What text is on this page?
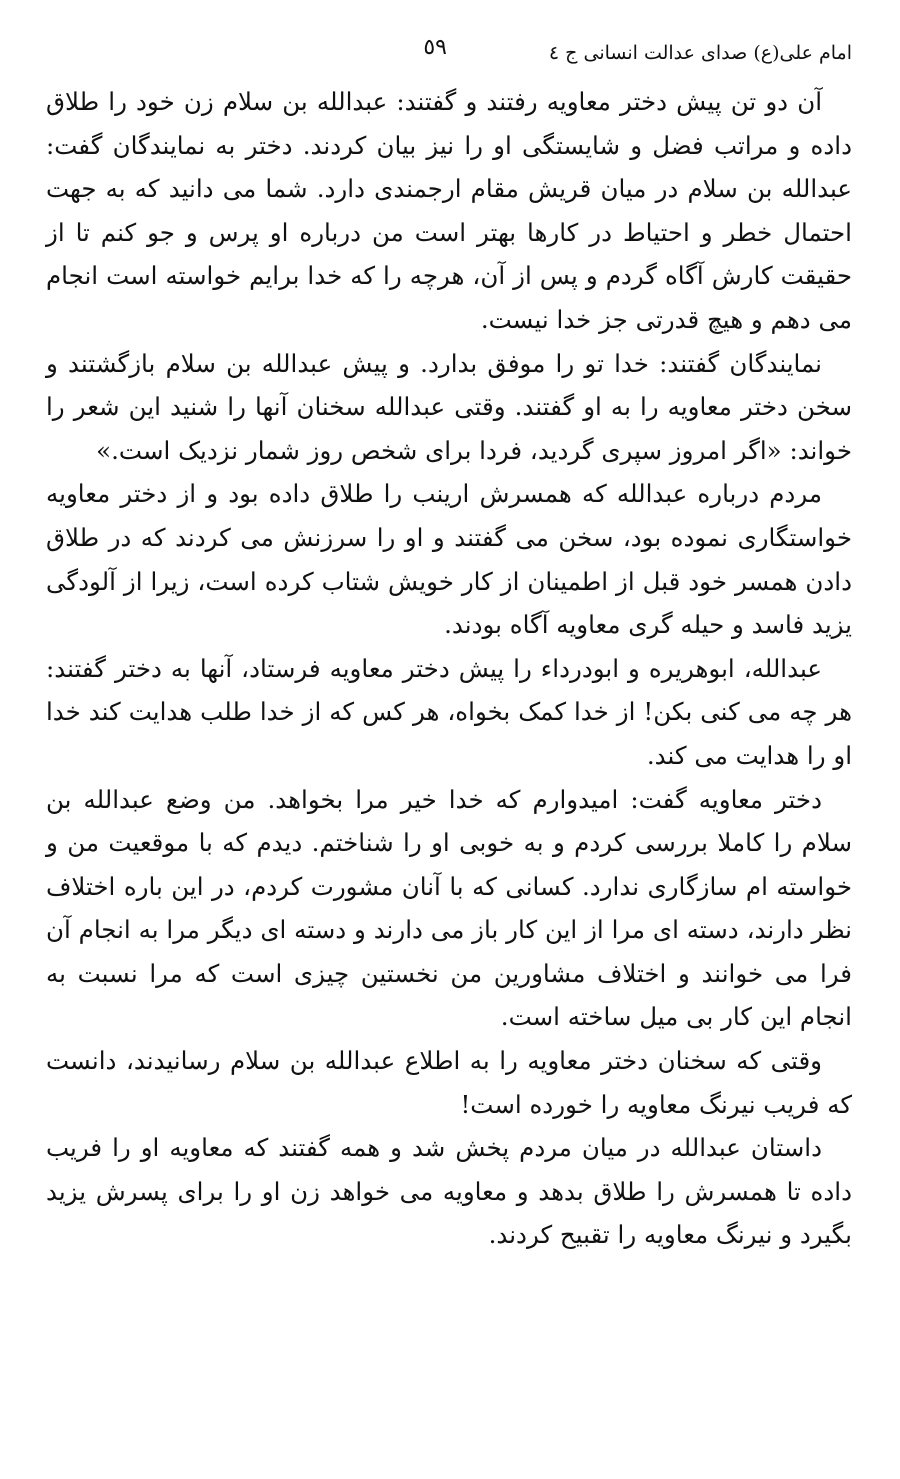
امام علی(ع) صدای عدالت انسانی ج ٤
٥٩

آن دو تن پیش دختر معاویه رفتند و گفتند: عبدالله بن سلام زن خود را طلاق داده و مراتب فضل و شایستگی او را نیز بیان کردند. دختر به نمایندگان گفت: عبدالله بن سلام در میان قریش مقام ارجمندی دارد. شما می دانید که به جهت احتمال خطر و احتیاط در کارها بهتر است من درباره او پرس و جو کنم تا از حقیقت کارش آگاه گردم و پس از آن، هرچه را که خدا برایم خواسته است انجام می دهم و هیچ قدرتی جز خدا نیست.

نمایندگان گفتند: خدا تو را موفق بدارد. و پیش عبدالله بن سلام بازگشتند و سخن دختر معاویه را به او گفتند. وقتی عبدالله سخنان آنها را شنید این شعر را خواند: «اگر امروز سپری گردید، فردا برای شخص روز شمار نزدیک است.»

مردم درباره عبدالله که همسرش ارینب را طلاق داده بود و از دختر معاویه خواستگاری نموده بود، سخن می گفتند و او را سرزنش می کردند که در طلاق دادن همسر خود قبل از اطمینان از کار خویش شتاب کرده است، زیرا از آلودگی یزید فاسد و حیله گری معاویه آگاه بودند.

عبدالله، ابوهریره و ابودرداء را پیش دختر معاویه فرستاد، آنها به دختر گفتند: هر چه می کنی بکن! از خدا کمک بخواه، هر کس که از خدا طلب هدایت کند خدا او را هدایت می کند.

دختر معاویه گفت: امیدوارم که خدا خیر مرا بخواهد. من وضع عبدالله بن سلام را کاملا بررسی کردم و به خوبی او را شناختم. دیدم که با موقعیت من و خواسته ام سازگاری ندارد. کسانی که با آنان مشورت کردم، در این باره اختلاف نظر دارند، دسته ای مرا از این کار باز می دارند و دسته ای دیگر مرا به انجام آن فرا می خوانند و اختلاف مشاورین من نخستین چیزی است که مرا نسبت به انجام این کار بی میل ساخته است.

وقتی که سخنان دختر معاویه را به اطلاع عبدالله بن سلام رسانیدند، دانست که فریب نیرنگ معاویه را خورده است!

داستان عبدالله در میان مردم پخش شد و همه گفتند که معاویه او را فریب داده تا همسرش را طلاق بدهد و معاویه می خواهد زن او را برای پسرش یزید بگیرد و نیرنگ معاویه را تقبیح کردند.
